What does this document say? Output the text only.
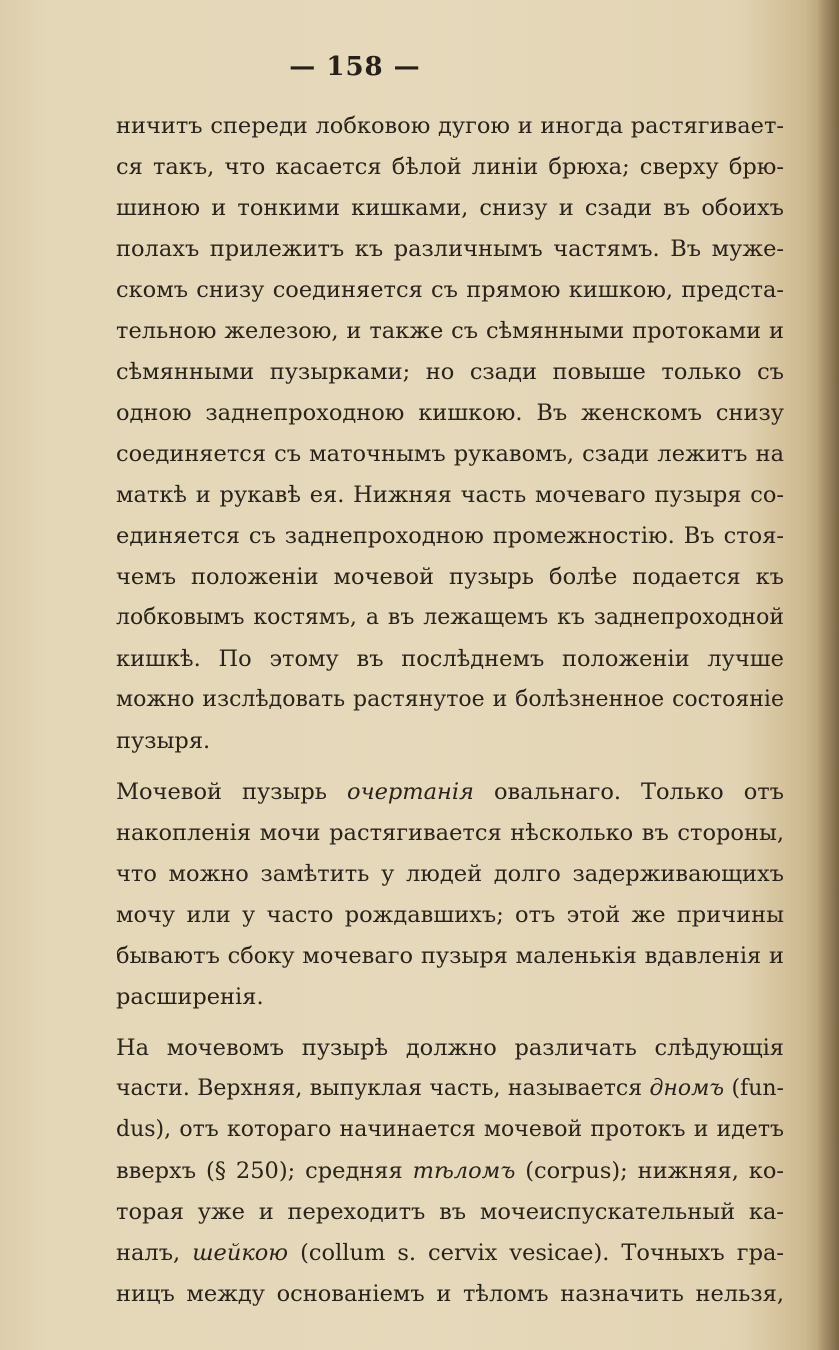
— 158 —
ничитъ спереди лобковою дугою и иногда растягивает-
ся такъ, что касается бѣлой линіи брюха; сверху брю-
шиною и тонкими кишками, снизу и сзади въ обоихъ
полахъ прилежитъ къ различнымъ частямъ. Въ муже-
скомъ снизу соединяется съ прямою кишкою, предста-
тельною железою, и также съ сѣмянными протоками и
сѣмянными пузырками; но сзади повыше только съ
одною заднепроходною кишкою. Въ женскомъ снизу
соединяется съ маточнымъ рукавомъ, сзади лежитъ на
маткѣ и рукавѣ ея. Нижняя часть мочеваго пузыря со-
единяется съ заднепроходною промежностію. Въ стоя-
чемъ положеніи мочевой пузырь болѣе подается къ
лобковымъ костямъ, а въ лежащемъ къ заднепроходной
кишкѣ. По этому въ послѣднемъ положеніи лучше
можно изслѣдовать растянутое и болѣзненное состояніе
пузыря.
Мочевой пузырь очертанія овальнаго. Только отъ
накопленія мочи растягивается нѣсколько въ стороны,
что можно замѣтить у людей долго задерживающихъ
мочу или у часто рождавшихъ; отъ этой же причины
бываютъ сбоку мочеваго пузыря маленькія вдавленія и
расширенія.
На мочевомъ пузырѣ должно различать слѣдующія
части. Верхняя, выпуклая часть, называется дномъ (fun-
dus), отъ котораго начинается мочевой протокъ и идетъ
вверхъ (§ 250); средняя тѣломъ (corpus); нижняя, ко-
торая уже и переходитъ въ мочеиспускательный ка-
налъ, шейкою (collum s. cervix vesicae). Точныхъ гра-
ницъ между основаніемъ и тѣломъ назначить нельзя,
